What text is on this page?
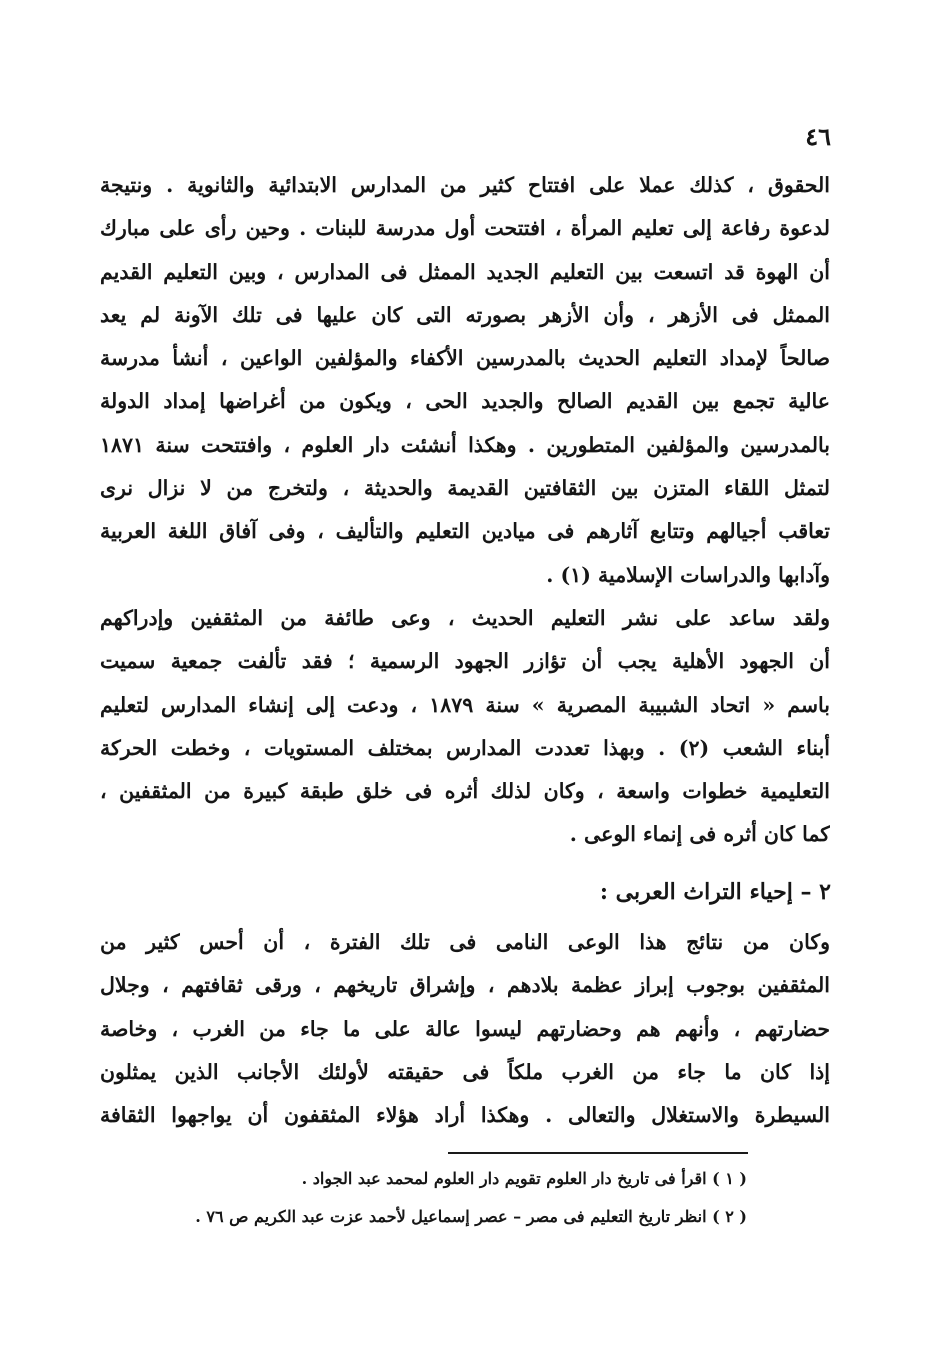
٤٦
الحقوق ، كذلك عملا على افتتاح كثير من المدارس الابتدائية والثانوية . ونتيجة
لدعوة رفاعة إلى تعليم المرأة ، افتتحت أول مدرسة للبنات . وحين رأى على مبارك
أن الهوة قد اتسعت بين التعليم الجديد الممثل فى المدارس ، وبين التعليم القديم
الممثل فى الأزهر ، وأن الأزهر بصورته التى كان عليها فى تلك الآونة لم يعد
صالحاً لإمداد التعليم الحديث بالمدرسين الأكفاء والمؤلفين الواعين ، أنشأ مدرسة
عالية تجمع بين القديم الصالح والجديد الحى ، ويكون من أغراضها إمداد الدولة
بالمدرسين والمؤلفين المتطورين . وهكذا أنشئت دار العلوم ، وافتتحت سنة ١٨٧١
لتمثل اللقاء المتزن بين الثقافتين القديمة والحديثة ، ولتخرج من لا نزال نرى
تعاقب أجيالهم وتتابع آثارهم فى ميادين التعليم والتأليف ، وفى آفاق اللغة العربية
وآدابها والدراسات الإسلامية (١) .
ولقد ساعد على نشر التعليم الحديث ، وعى طائفة من المثقفين وإدراكهم
أن الجهود الأهلية يجب أن تؤازر الجهود الرسمية ؛ فقد تألفت جمعية سميت
باسم « اتحاد الشبيبة المصرية » سنة ١٨٧٩ ، ودعت إلى إنشاء المدارس لتعليم
أبناء الشعب (٢) . وبهذا تعددت المدارس بمختلف المستويات ، وخطت الحركة
التعليمية خطوات واسعة ، وكان لذلك أثره فى خلق طبقة كبيرة من المثقفين ،
كما كان أثره فى إنماء الوعى .
٢ – إحياء التراث العربى :
وكان من نتائج هذا الوعى النامى فى تلك الفترة ، أن أحس كثير من
المثقفين بوجوب إبراز عظمة بلادهم ، وإشراق تاريخهم ، ورقى ثقافتهم ، وجلال
حضارتهم ، وأنهم هم وحضارتهم ليسوا عالة على ما جاء من الغرب ، وخاصة
إذا كان ما جاء من الغرب ملكاً فى حقيقته لأولئك الأجانب الذين يمثلون
السيطرة والاستغلال والتعالى . وهكذا أراد هؤلاء المثقفون أن يواجهوا الثقافة
( ١ ) اقرأ فى تاريخ دار العلوم تقويم دار العلوم لمحمد عبد الجواد .
( ٢ ) انظر تاريخ التعليم فى مصر – عصر إسماعيل لأحمد عزت عبد الكريم ص ٧٦ .
